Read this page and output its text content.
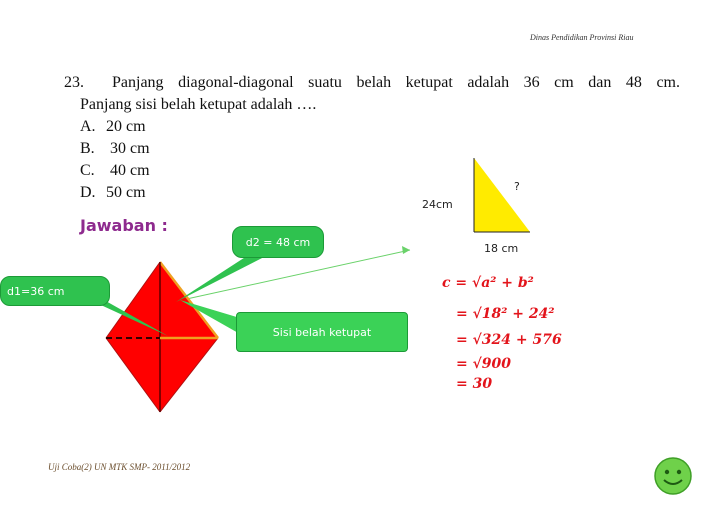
Dinas Pendidikan Provinsi Riau
23. Panjang diagonal-diagonal suatu belah ketupat adalah 36 cm dan 48 cm.
Panjang sisi belah ketupat adalah ….
A. 20 cm
B. 30 cm
C. 40 cm
D. 50 cm
Jawaban :
d2 = 48 cm
d1=36 cm
Sisi belah ketupat
?
24cm
18 cm
c = √a² + b²
= √18² + 24²
= √324 + 576
= √900
= 30
Uji Coba(2) UN MTK SMP- 2011/2012
